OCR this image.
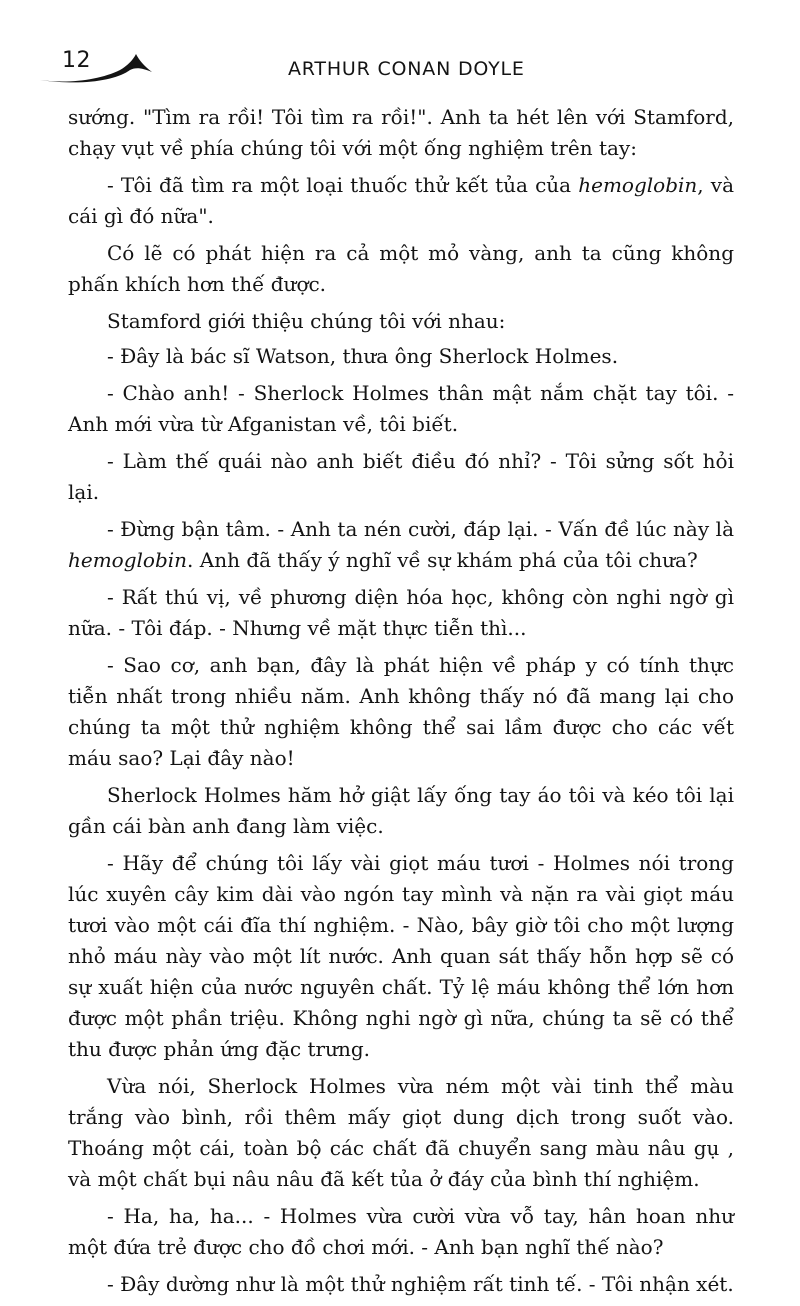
12	ARTHUR CONAN DOYLE

sướng. "Tìm ra rồi! Tôi tìm ra rồi!". Anh ta hét lên với Stamford, chạy vụt về phía chúng tôi với một ống nghiệm trên tay:

- Tôi đã tìm ra một loại thuốc thử kết tủa của hemoglobin, và cái gì đó nữa".

Có lẽ có phát hiện ra cả một mỏ vàng, anh ta cũng không phấn khích hơn thế được.

Stamford giới thiệu chúng tôi với nhau:

- Đây là bác sĩ Watson, thưa ông Sherlock Holmes.

- Chào anh! - Sherlock Holmes thân mật nắm chặt tay tôi. - Anh mới vừa từ Afganistan về, tôi biết.

- Làm thế quái nào anh biết điều đó nhỉ? - Tôi sửng sốt hỏi lại.

- Đừng bận tâm. - Anh ta nén cười, đáp lại. - Vấn đề lúc này là hemoglobin. Anh đã thấy ý nghĩ về sự khám phá của tôi chưa?

- Rất thú vị, về phương diện hóa học, không còn nghi ngờ gì nữa. - Tôi đáp. - Nhưng về mặt thực tiễn thì...

- Sao cơ, anh bạn, đây là phát hiện về pháp y có tính thực tiễn nhất trong nhiều năm. Anh không thấy nó đã mang lại cho chúng ta một thử nghiệm không thể sai lầm được cho các vết máu sao? Lại đây nào!

Sherlock Holmes hăm hở giật lấy ống tay áo tôi và kéo tôi lại gần cái bàn anh đang làm việc.

- Hãy để chúng tôi lấy vài giọt máu tươi - Holmes nói trong lúc xuyên cây kim dài vào ngón tay mình và nặn ra vài giọt máu tươi vào một cái đĩa thí nghiệm. - Nào, bây giờ tôi cho một lượng nhỏ máu này vào một lít nước. Anh quan sát thấy hỗn hợp sẽ có sự xuất hiện của nước nguyên chất. Tỷ lệ máu không thể lớn hơn được một phần triệu. Không nghi ngờ gì nữa, chúng ta sẽ có thể thu được phản ứng đặc trưng.

Vừa nói, Sherlock Holmes vừa ném một vài tinh thể màu trắng vào bình, rồi thêm mấy giọt dung dịch trong suốt vào. Thoáng một cái, toàn bộ các chất đã chuyển sang màu nâu gụ , và một chất bụi nâu nâu đã kết tủa ở đáy của bình thí nghiệm.

- Ha, ha, ha... - Holmes vừa cười vừa vỗ tay, hân hoan như một đứa trẻ được cho đồ chơi mới. - Anh bạn nghĩ thế nào?

- Đây dường như là một thử nghiệm rất tinh tế. - Tôi nhận xét.
